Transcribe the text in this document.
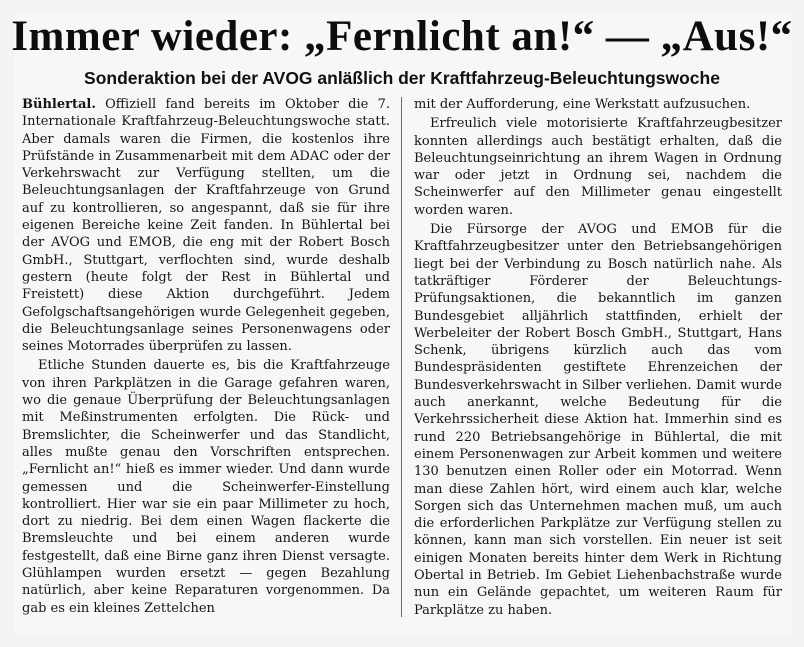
Immer wieder: „Fernlicht an!“ — „Aus!“
Sonderaktion bei der AVOG anläßlich der Kraftfahrzeug-Beleuchtungswoche

Bühlertal. Offiziell fand bereits im Oktober die 7. Internationale Kraftfahrzeug-Beleuchtungswoche statt. Aber damals waren die Firmen, die kostenlos ihre Prüfstände in Zusammenarbeit mit dem ADAC oder der Verkehrswacht zur Verfügung stellten, um die Beleuchtungsanlagen der Kraftfahrzeuge von Grund auf zu kontrollieren, so angespannt, daß sie für ihre eigenen Bereiche keine Zeit fanden. In Bühlertal bei der AVOG und EMOB, die eng mit der Robert Bosch GmbH., Stuttgart, verflochten sind, wurde deshalb gestern (heute folgt der Rest in Bühlertal und Freistett) diese Aktion durchgeführt. Jedem Gefolgschaftsangehörigen wurde Gelegenheit gegeben, die Beleuchtungsanlage seines Personenwagens oder seines Motorrades überprüfen zu lassen.

Etliche Stunden dauerte es, bis die Kraftfahrzeuge von ihren Parkplätzen in die Garage gefahren waren, wo die genaue Überprüfung der Beleuchtungsanlagen mit Meßinstrumenten erfolgten. Die Rück- und Bremslichter, die Scheinwerfer und das Standlicht, alles mußte genau den Vorschriften entsprechen. „Fernlicht an!“ hieß es immer wieder. Und dann wurde gemessen und die Scheinwerfer-Einstellung kontrolliert. Hier war sie ein paar Millimeter zu hoch, dort zu niedrig. Bei dem einen Wagen flackerte die Bremsleuchte und bei einem anderen wurde festgestellt, daß eine Birne ganz ihren Dienst versagte. Glühlampen wurden ersetzt — gegen Bezahlung natürlich, aber keine Reparaturen vorgenommen. Da gab es ein kleines Zettelchen

mit der Aufforderung, eine Werkstatt aufzusuchen.

Erfreulich viele motorisierte Kraftfahrzeugbesitzer konnten allerdings auch bestätigt erhalten, daß die Beleuchtungseinrichtung an ihrem Wagen in Ordnung war oder jetzt in Ordnung sei, nachdem die Scheinwerfer auf den Millimeter genau eingestellt worden waren.

Die Fürsorge der AVOG und EMOB für die Kraftfahrzeugbesitzer unter den Betriebsangehörigen liegt bei der Verbindung zu Bosch natürlich nahe. Als tatkräftiger Förderer der Beleuchtungs-Prüfungsaktionen, die bekanntlich im ganzen Bundesgebiet alljährlich stattfinden, erhielt der Werbeleiter der Robert Bosch GmbH., Stuttgart, Hans Schenk, übrigens kürzlich auch das vom Bundespräsidenten gestiftete Ehrenzeichen der Bundesverkehrswacht in Silber verliehen. Damit wurde auch anerkannt, welche Bedeutung für die Verkehrssicherheit diese Aktion hat. Immerhin sind es rund 220 Betriebsangehörige in Bühlertal, die mit einem Personenwagen zur Arbeit kommen und weitere 130 benutzen einen Roller oder ein Motorrad. Wenn man diese Zahlen hört, wird einem auch klar, welche Sorgen sich das Unternehmen machen muß, um auch die erforderlichen Parkplätze zur Verfügung stellen zu können, kann man sich vorstellen. Ein neuer ist seit einigen Monaten bereits hinter dem Werk in Richtung Obertal in Betrieb. Im Gebiet Liehenbachstraße wurde nun ein Gelände gepachtet, um weiteren Raum für Parkplätze zu haben.
